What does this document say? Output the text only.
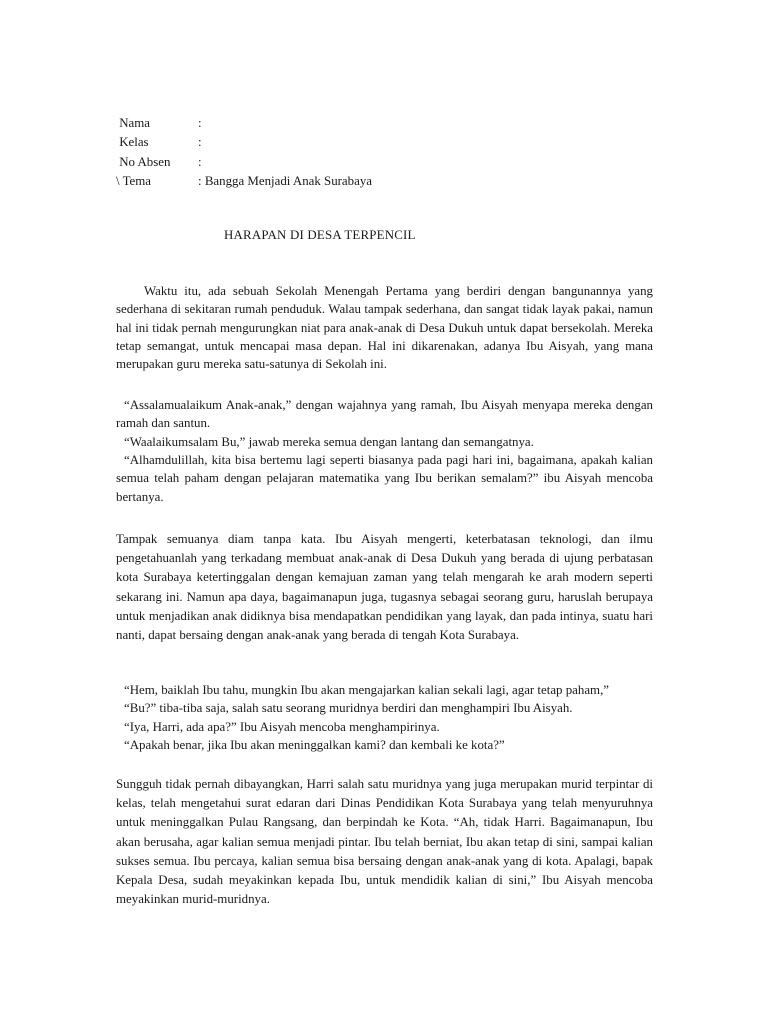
Nama	:
Kelas	:
No Absen	:
\ Tema	: Bangga Menjadi Anak Surabaya
HARAPAN DI DESA TERPENCIL

Waktu itu, ada sebuah Sekolah Menengah Pertama yang berdiri dengan bangunannya yang sederhana di sekitaran rumah penduduk. Walau tampak sederhana, dan sangat tidak layak pakai, namun hal ini tidak pernah mengurungkan niat para anak-anak di Desa Dukuh untuk dapat bersekolah. Mereka tetap semangat, untuk mencapai masa depan. Hal ini dikarenakan, adanya Ibu Aisyah, yang mana merupakan guru mereka satu-satunya di Sekolah ini.

“Assalamualaikum Anak-anak,” dengan wajahnya yang ramah, Ibu Aisyah menyapa mereka dengan ramah dan santun.

“Waalaikumsalam Bu,” jawab mereka semua dengan lantang dan semangatnya.

“Alhamdulillah, kita bisa bertemu lagi seperti biasanya pada pagi hari ini, bagaimana, apakah kalian semua telah paham dengan pelajaran matematika yang Ibu berikan semalam?” ibu Aisyah mencoba bertanya.

Tampak semuanya diam tanpa kata. Ibu Aisyah mengerti, keterbatasan teknologi, dan ilmu pengetahuanlah yang terkadang membuat anak-anak di Desa Dukuh yang berada di ujung perbatasan kota Surabaya ketertinggalan dengan kemajuan zaman yang telah mengarah ke arah modern seperti sekarang ini. Namun apa daya, bagaimanapun juga, tugasnya sebagai seorang guru, haruslah berupaya untuk menjadikan anak didiknya bisa mendapatkan pendidikan yang layak, dan pada intinya, suatu hari nanti, dapat bersaing dengan anak-anak yang berada di tengah Kota Surabaya.

“Hem, baiklah Ibu tahu, mungkin Ibu akan mengajarkan kalian sekali lagi, agar tetap paham,”

“Bu?” tiba-tiba saja, salah satu seorang muridnya berdiri dan menghampiri Ibu Aisyah.

“Iya, Harri, ada apa?” Ibu Aisyah mencoba menghampirinya.

“Apakah benar, jika Ibu akan meninggalkan kami? dan kembali ke kota?”

Sungguh tidak pernah dibayangkan, Harri salah satu muridnya yang juga merupakan murid terpintar di kelas, telah mengetahui surat edaran dari Dinas Pendidikan Kota Surabaya yang telah menyuruhnya untuk meninggalkan Pulau Rangsang, dan berpindah ke Kota. “Ah, tidak Harri. Bagaimanapun, Ibu akan berusaha, agar kalian semua menjadi pintar. Ibu telah berniat, Ibu akan tetap di sini, sampai kalian sukses semua. Ibu percaya, kalian semua bisa bersaing dengan anak-anak yang di kota. Apalagi, bapak Kepala Desa, sudah meyakinkan kepada Ibu, untuk mendidik kalian di sini,” Ibu Aisyah mencoba meyakinkan murid-muridnya.
